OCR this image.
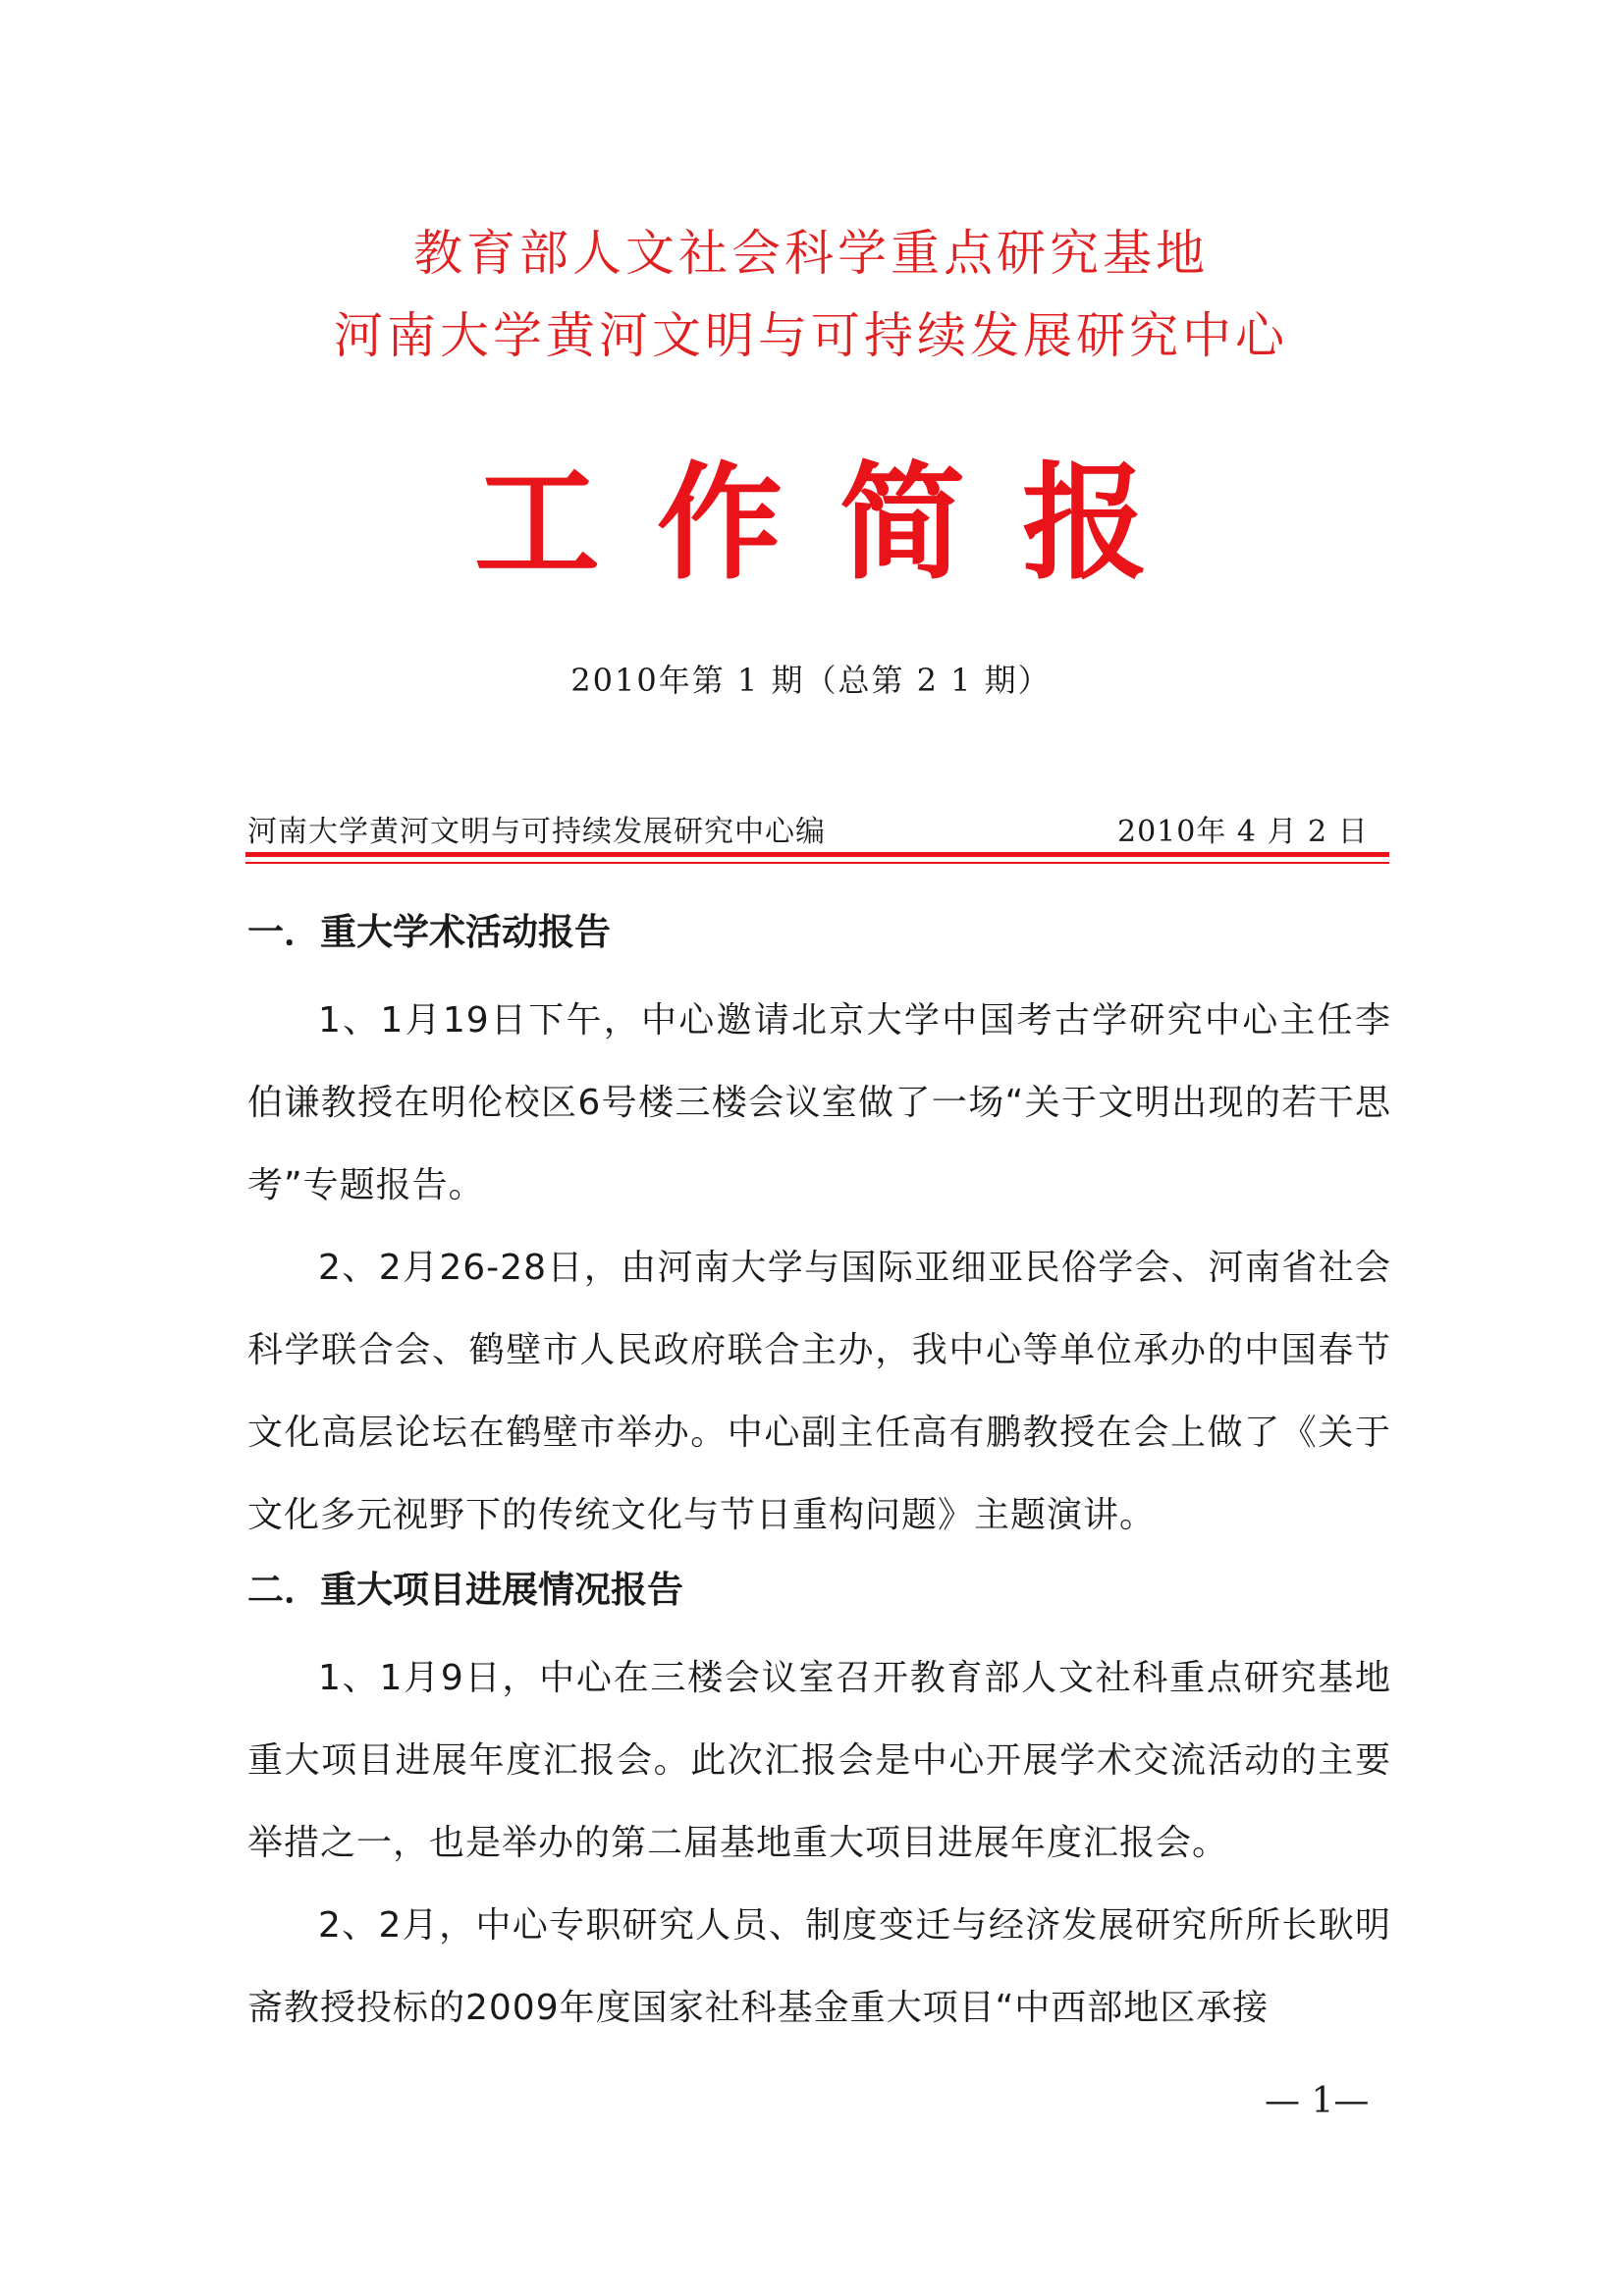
教育部人文社会科学重点研究基地
河南大学黄河文明与可持续发展研究中心
工作简报
2010年第 1 期（总第 2 1 期）
河南大学黄河文明与可持续发展研究中心编	2010年 4 月 2 日
一．重大学术活动报告

1、1月19日下午，中心邀请北京大学中国考古学研究中心主任李伯谦教授在明伦校区6号楼三楼会议室做了一场“关于文明出现的若干思考”专题报告。

2、2月26-28日，由河南大学与国际亚细亚民俗学会、河南省社会科学联合会、鹤壁市人民政府联合主办，我中心等单位承办的中国春节文化高层论坛在鹤壁市举办。中心副主任高有鹏教授在会上做了《关于文化多元视野下的传统文化与节日重构问题》主题演讲。

二．重大项目进展情况报告

1、1月9日，中心在三楼会议室召开教育部人文社科重点研究基地重大项目进展年度汇报会。此次汇报会是中心开展学术交流活动的主要举措之一，也是举办的第二届基地重大项目进展年度汇报会。

2、2月，中心专职研究人员、制度变迁与经济发展研究所所长耿明斋教授投标的2009年度国家社科基金重大项目“中西部地区承接

— 1—
